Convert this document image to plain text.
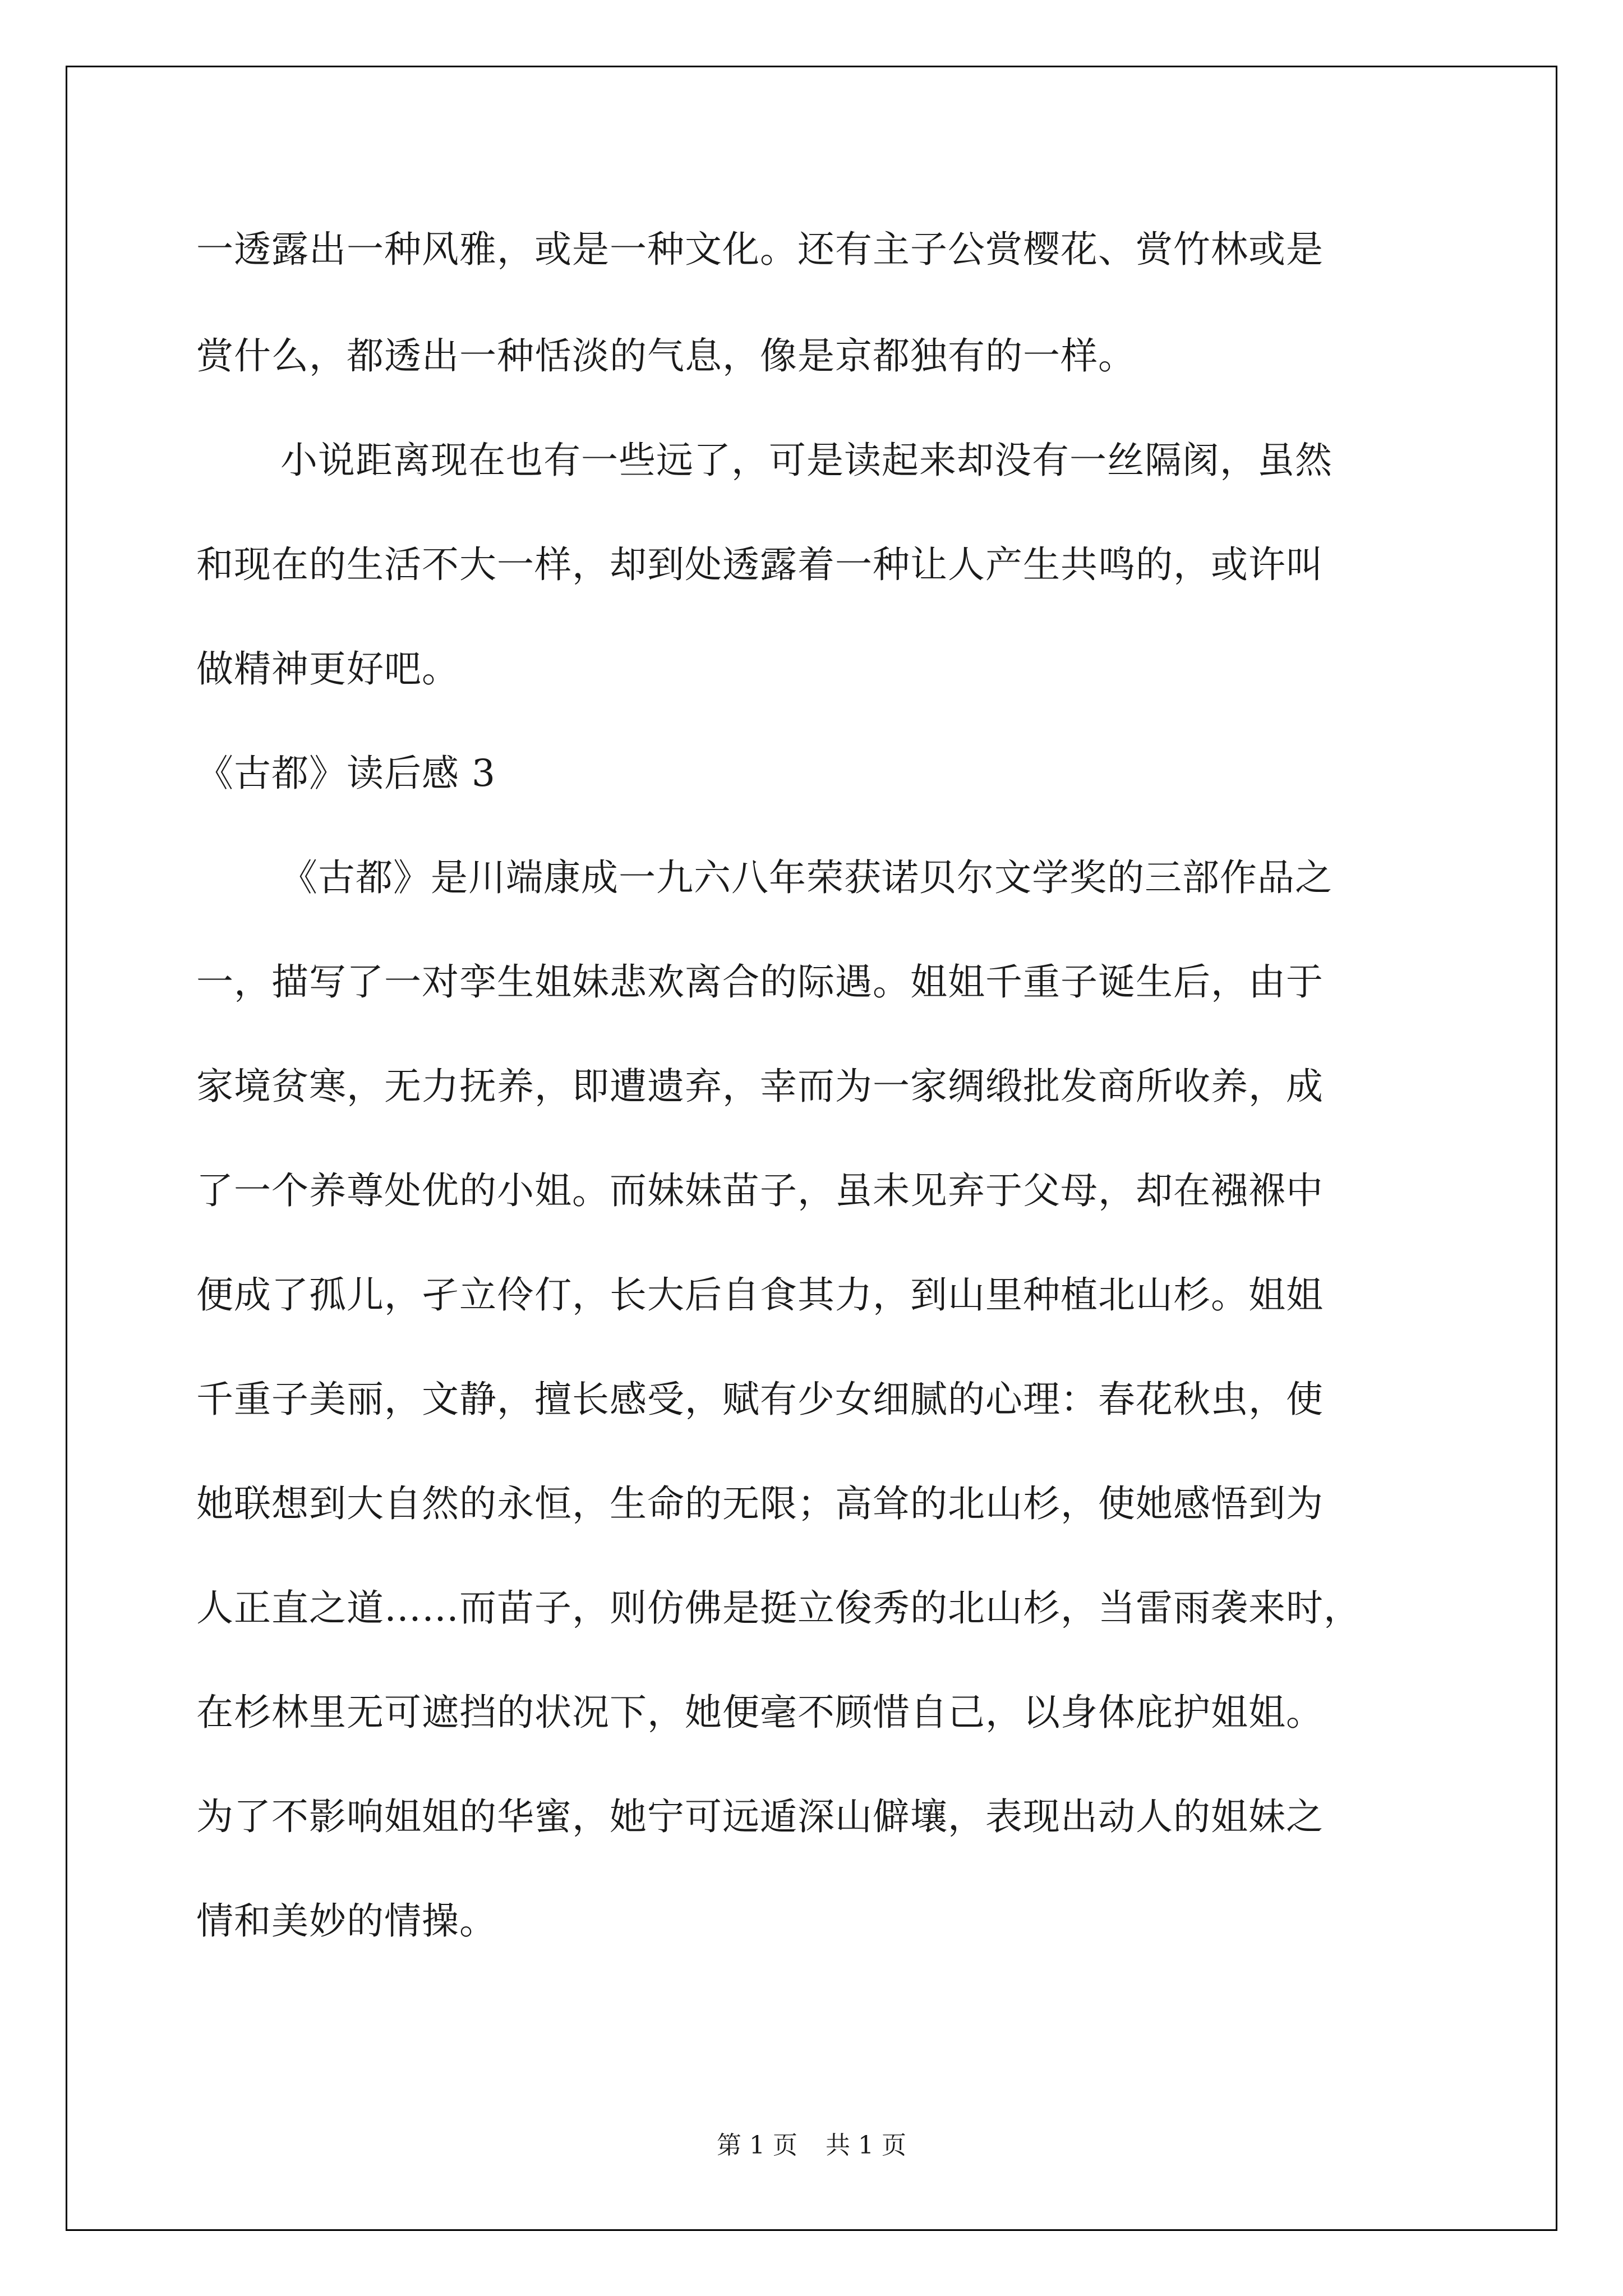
一透露出一种风雅，或是一种文化。还有主子公赏樱花、赏竹林或是
赏什么，都透出一种恬淡的气息，像是京都独有的一样。
小说距离现在也有一些远了，可是读起来却没有一丝隔阂，虽然
和现在的生活不大一样，却到处透露着一种让人产生共鸣的，或许叫
做精神更好吧。
《古都》读后感 3
《古都》是川端康成一九六八年荣获诺贝尔文学奖的三部作品之
一，描写了一对孪生姐妹悲欢离合的际遇。姐姐千重子诞生后，由于
家境贫寒，无力抚养，即遭遗弃，幸而为一家绸缎批发商所收养，成
了一个养尊处优的小姐。而妹妹苗子，虽未见弃于父母，却在襁褓中
便成了孤儿，孑立伶仃，长大后自食其力，到山里种植北山杉。姐姐
千重子美丽，文静，擅长感受，赋有少女细腻的心理：春花秋虫，使
她联想到大自然的永恒，生命的无限；高耸的北山杉，使她感悟到为
人正直之道……而苗子，则仿佛是挺立俊秀的北山杉，当雷雨袭来时，
在杉林里无可遮挡的状况下，她便毫不顾惜自己，以身体庇护姐姐。
为了不影响姐姐的华蜜，她宁可远遁深山僻壤，表现出动人的姐妹之
情和美妙的情操。
第 1 页 共 1 页
